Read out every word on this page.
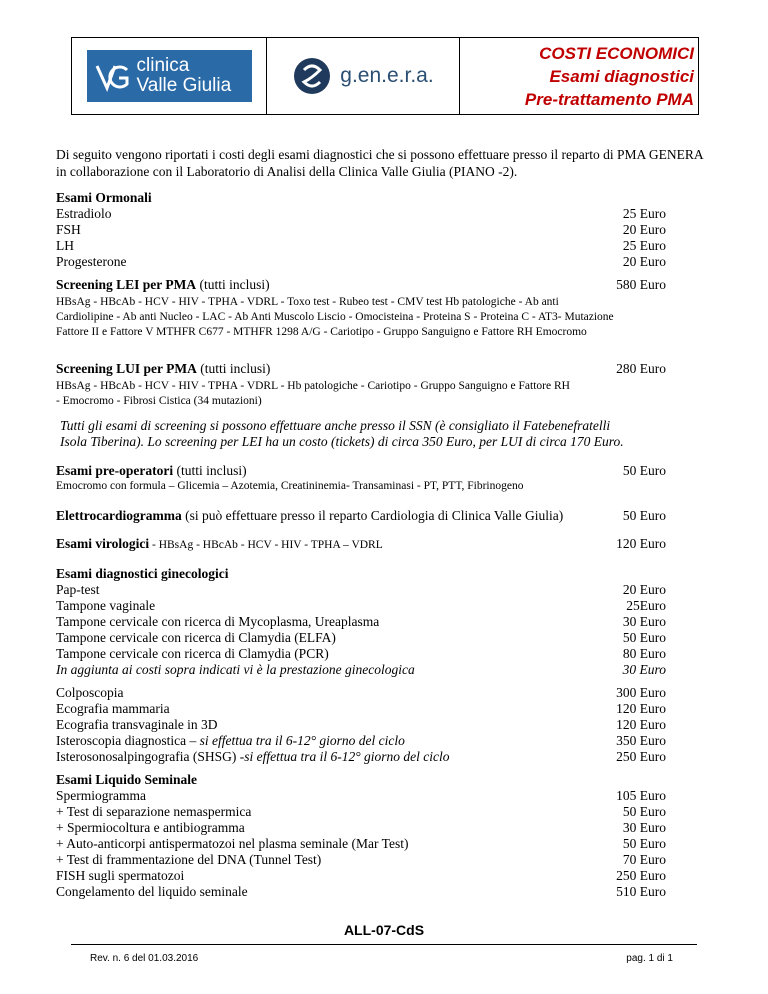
clinica
Valle Giulia	g.en.e.r.a.
COSTI ECONOMICI
Esami diagnostici
Pre-trattamento PMA
Di seguito vengono riportati i costi degli esami diagnostici che si possono effettuare presso il reparto di PMA GENERA in collaborazione con il Laboratorio di Analisi della Clinica Valle Giulia (PIANO -2).
Esami Ormonali
Estradiolo	25 Euro
FSH	20 Euro
LH	25 Euro
Progesterone	20 Euro
Screening LEI per PMA (tutti inclusi)	580 Euro
HBsAg - HBcAb - HCV - HIV - TPHA - VDRL - Toxo test - Rubeo test - CMV test Hb patologiche - Ab anti Cardiolipine - Ab anti Nucleo - LAC - Ab Anti Muscolo Liscio - Omocisteina - Proteina S - Proteina C - AT3- Mutazione Fattore II e Fattore V MTHFR C677 - MTHFR 1298 A/G - Cariotipo - Gruppo Sanguigno e Fattore RH Emocromo
Screening LUI per PMA (tutti inclusi)	280 Euro
HBsAg - HBcAb - HCV - HIV - TPHA - VDRL - Hb patologiche - Cariotipo - Gruppo Sanguigno e Fattore RH - Emocromo - Fibrosi Cistica (34 mutazioni)
Tutti gli esami di screening si possono effettuare anche presso il SSN (è consigliato il Fatebenefratelli
Isola Tiberina). Lo screening per LEI ha un costo (tickets) di circa 350 Euro, per LUI di circa 170 Euro.
Esami pre-operatori (tutti inclusi)	50 Euro
Emocromo con formula – Glicemia – Azotemia, Creatininemia- Transaminasi - PT, PTT, Fibrinogeno
Elettrocardiogramma (si può effettuare presso il reparto Cardiologia di Clinica Valle Giulia)	50 Euro
Esami virologici - HBsAg - HBcAb - HCV - HIV - TPHA – VDRL	120 Euro
Esami diagnostici ginecologici
Pap-test	20 Euro
Tampone vaginale	25Euro
Tampone cervicale con ricerca di Mycoplasma, Ureaplasma	30 Euro
Tampone cervicale con ricerca di Clamydia (ELFA)	50 Euro
Tampone cervicale con ricerca di Clamydia (PCR)	80 Euro
In aggiunta ai costi sopra indicati vi è la prestazione ginecologica	30 Euro
Colposcopia	300 Euro
Ecografia mammaria	120 Euro
Ecografia transvaginale in 3D	120 Euro
Isteroscopia diagnostica – si effettua tra il 6-12° giorno del ciclo	350 Euro
Isterosonosalpingografia (SHSG) -si effettua tra il 6-12° giorno del ciclo	250 Euro
Esami Liquido Seminale
Spermiogramma	105 Euro
+ Test di separazione nemaspermica	50 Euro
+ Spermiocoltura e antibiogramma	30 Euro
+ Auto-anticorpi antispermatozoi nel plasma seminale (Mar Test)	50 Euro
+ Test di frammentazione del DNA (Tunnel Test)	70 Euro
FISH sugli spermatozoi	250 Euro
Congelamento del liquido seminale	510 Euro
ALL-07-CdS
Rev. n. 6 del 01.03.2016	pag. 1 di 1
